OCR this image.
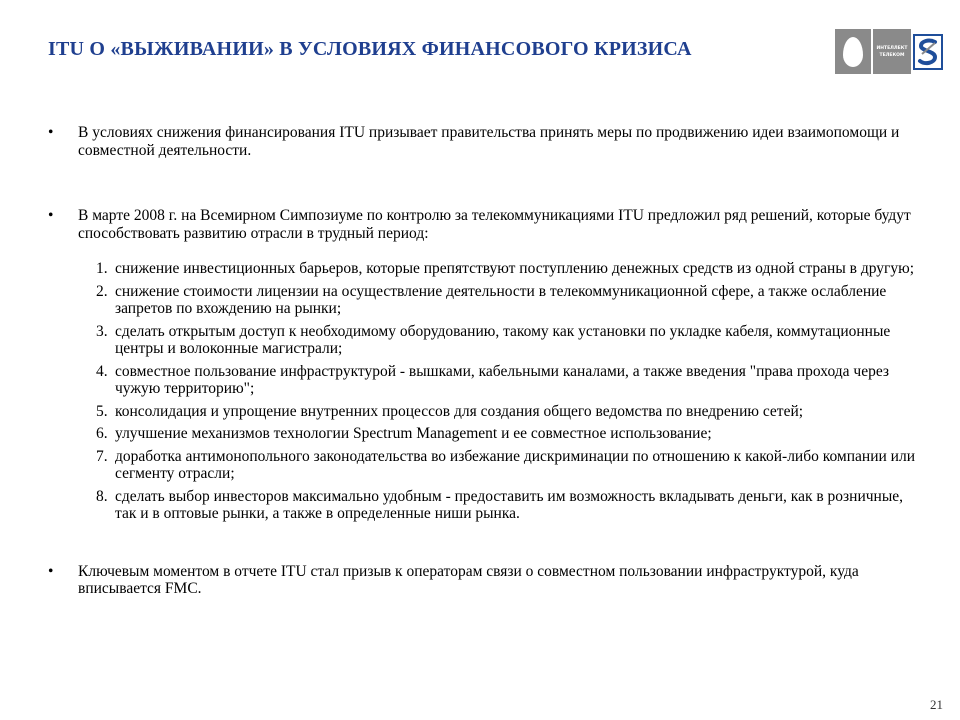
ITU О «ВЫЖИВАНИИ» В УСЛОВИЯХ ФИНАНСОВОГО КРИЗИСА	ИНТЕЛЛЕКТ
ТЕЛЕКОМ
• В условиях снижения финансирования ITU призывает правительства принять меры по продвижению идеи взаимопомощи и совместной деятельности.
• В марте 2008 г. на Всемирном Симпозиуме по контролю за телекоммуникациями ITU предложил ряд решений, которые будут способствовать развитию отрасли в трудный период:
1. снижение инвестиционных барьеров, которые препятствуют поступлению денежных средств из одной страны в другую;
2. снижение стоимости лицензии на осуществление деятельности в телекоммуникационной сфере, а также ослабление запретов по вхождению на рынки;
3. сделать открытым доступ к необходимому оборудованию, такому как установки по укладке кабеля, коммутационные центры и волоконные магистрали;
4. совместное пользование инфраструктурой - вышками, кабельными каналами, а также введения "права прохода через чужую территорию";
5. консолидация и упрощение внутренних процессов для создания общего ведомства по внедрению сетей;
6. улучшение механизмов технологии Spectrum Management и ее совместное использование;
7. доработка антимонопольного законодательства во избежание дискриминации по отношению к какой-либо компании или сегменту отрасли;
8. сделать выбор инвесторов максимально удобным - предоставить им возможность вкладывать деньги, как в розничные, так и в оптовые рынки, а также в определенные ниши рынка.
• Ключевым моментом в отчете ITU стал призыв к операторам связи о совместном пользовании инфраструктурой, куда вписывается FMC.
21
